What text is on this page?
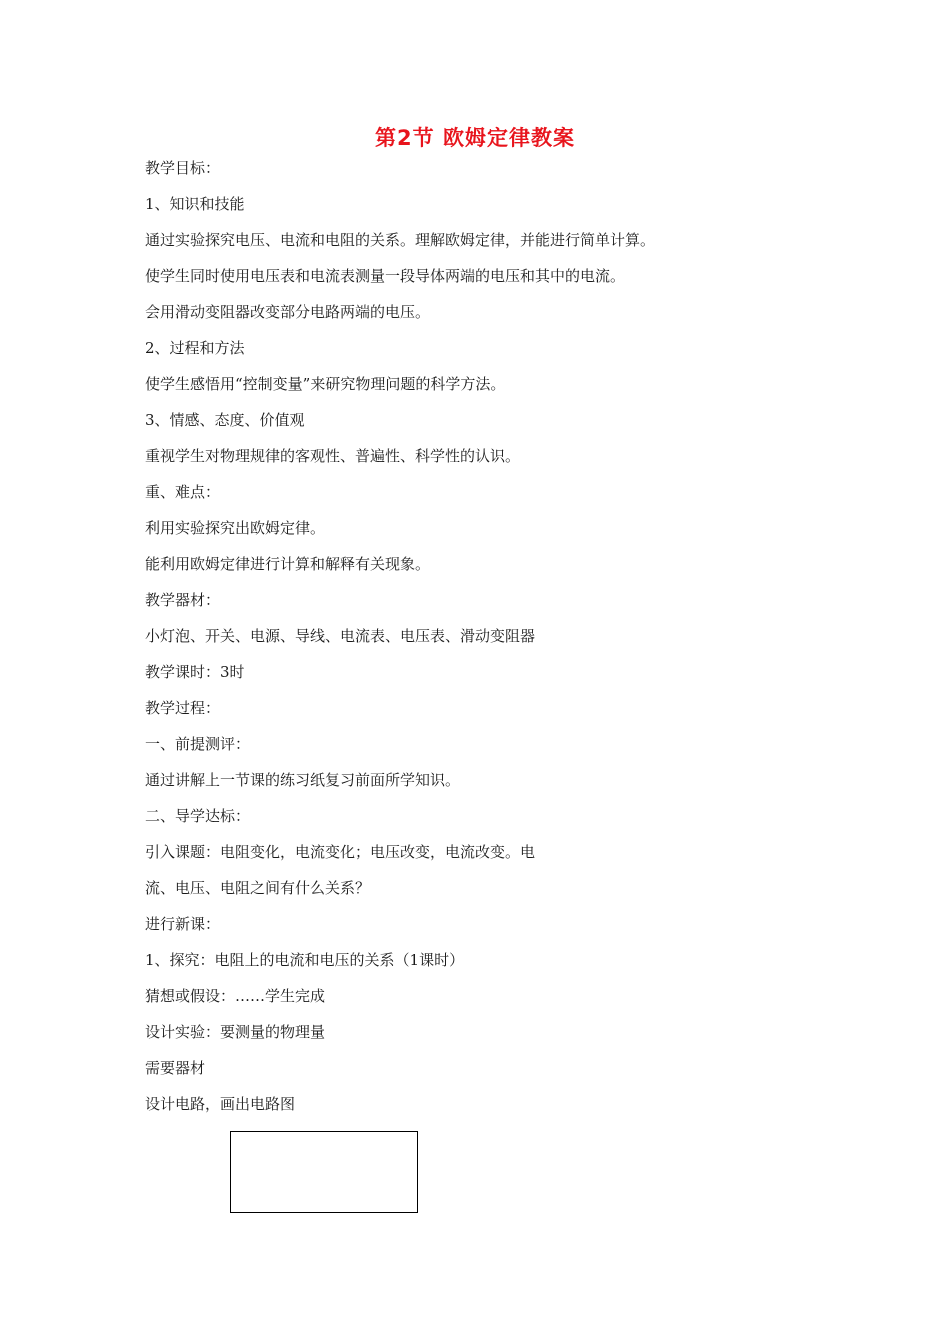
第2节 欧姆定律教案
教学目标：
1、知识和技能
通过实验探究电压、电流和电阻的关系。理解欧姆定律，并能进行简单计算。
使学生同时使用电压表和电流表测量一段导体两端的电压和其中的电流。
会用滑动变阻器改变部分电路两端的电压。
2、过程和方法
使学生感悟用“控制变量”来研究物理问题的科学方法。
3、情感、态度、价值观
重视学生对物理规律的客观性、普遍性、科学性的认识。
重、难点：
利用实验探究出欧姆定律。
能利用欧姆定律进行计算和解释有关现象。
教学器材：
小灯泡、开关、电源、导线、电流表、电压表、滑动变阻器
教学课时：3时
教学过程：
一、前提测评：
通过讲解上一节课的练习纸复习前面所学知识。
二、导学达标：
引入课题：电阻变化，电流变化；电压改变，电流改变。电
流、电压、电阻之间有什么关系？
进行新课：
1、探究：电阻上的电流和电压的关系（1课时）
猜想或假设：……学生完成
设计实验：要测量的物理量
需要器材
设计电路，画出电路图
